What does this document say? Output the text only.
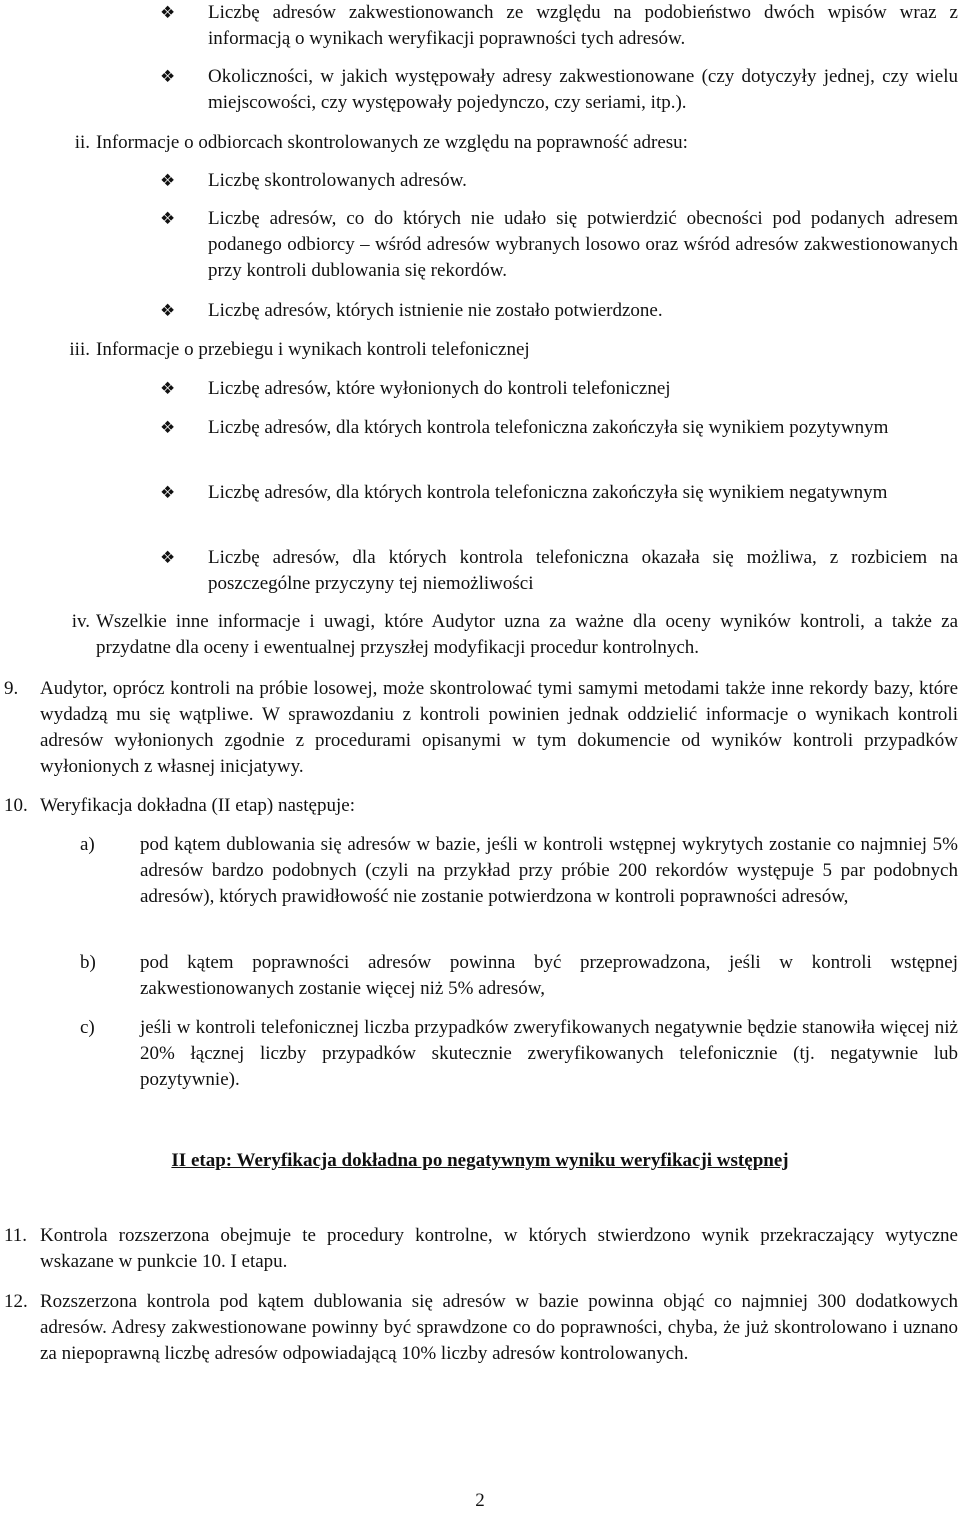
❖	Liczbę adresów zakwestionowanch ze względu na podobieństwo dwóch wpisów wraz z informacją o wynikach weryfikacji poprawności tych adresów.
❖	Okoliczności, w jakich występowały adresy zakwestionowane (czy dotyczyły jednej, czy wielu miejscowości, czy występowały pojedynczo, czy seriami, itp.).
ii. Informacje o odbiorcach skontrolowanych ze względu na poprawność adresu:
❖	Liczbę skontrolowanych adresów.
❖	Liczbę adresów, co do których nie udało się potwierdzić obecności pod podanych adresem podanego odbiorcy – wśród adresów wybranych losowo oraz wśród adresów zakwestionowanych przy kontroli dublowania się rekordów.
❖	Liczbę adresów, których istnienie nie zostało potwierdzone.
iii. Informacje o przebiegu i wynikach kontroli telefonicznej
❖	Liczbę adresów, które wyłonionych do kontroli telefonicznej
❖	Liczbę adresów, dla których kontrola telefoniczna zakończyła się wynikiem pozytywnym
❖	Liczbę adresów, dla których kontrola telefoniczna zakończyła się wynikiem negatywnym
❖	Liczbę adresów, dla których kontrola telefoniczna okazała się możliwa, z rozbiciem na poszczególne przyczyny tej niemożliwości
iv. Wszelkie inne informacje i uwagi, które Audytor uzna za ważne dla oceny wyników kontroli, a także za przydatne dla oceny i ewentualnej przyszłej modyfikacji procedur kontrolnych.
9.	Audytor, oprócz kontroli na próbie losowej, może skontrolować tymi samymi metodami także inne rekordy bazy, które wydadzą mu się wątpliwe. W sprawozdaniu z kontroli powinien jednak oddzielić informacje o wynikach kontroli adresów wyłonionych zgodnie z procedurami opisanymi w tym dokumencie od wyników kontroli przypadków wyłonionych z własnej inicjatywy.
10. Weryfikacja dokładna (II etap) następuje:
a)	pod kątem dublowania się adresów w bazie, jeśli w kontroli wstępnej wykrytych zostanie co najmniej 5% adresów bardzo podobnych (czyli na przykład przy próbie 200 rekordów występuje 5 par podobnych adresów), których prawidłowość nie zostanie potwierdzona w kontroli poprawności adresów,
b)	pod kątem poprawności adresów powinna być przeprowadzona, jeśli w kontroli wstępnej zakwestionowanych zostanie więcej niż 5% adresów,
c)	jeśli w kontroli telefonicznej liczba przypadków zweryfikowanych negatywnie będzie stanowiła więcej niż 20% łącznej liczby przypadków skutecznie zweryfikowanych telefonicznie (tj. negatywnie lub pozytywnie).
II etap: Weryfikacja dokładna po negatywnym wyniku weryfikacji wstępnej
11. Kontrola rozszerzona obejmuje te procedury kontrolne, w których stwierdzono wynik przekraczający wytyczne wskazane w punkcie 10. I etapu.
12. Rozszerzona kontrola pod kątem dublowania się adresów w bazie powinna objąć co najmniej 300 dodatkowych adresów. Adresy zakwestionowane powinny być sprawdzone co do poprawności, chyba, że już skontrolowano i uznano za niepoprawną liczbę adresów odpowiadającą 10% liczby adresów kontrolowanych.
2
